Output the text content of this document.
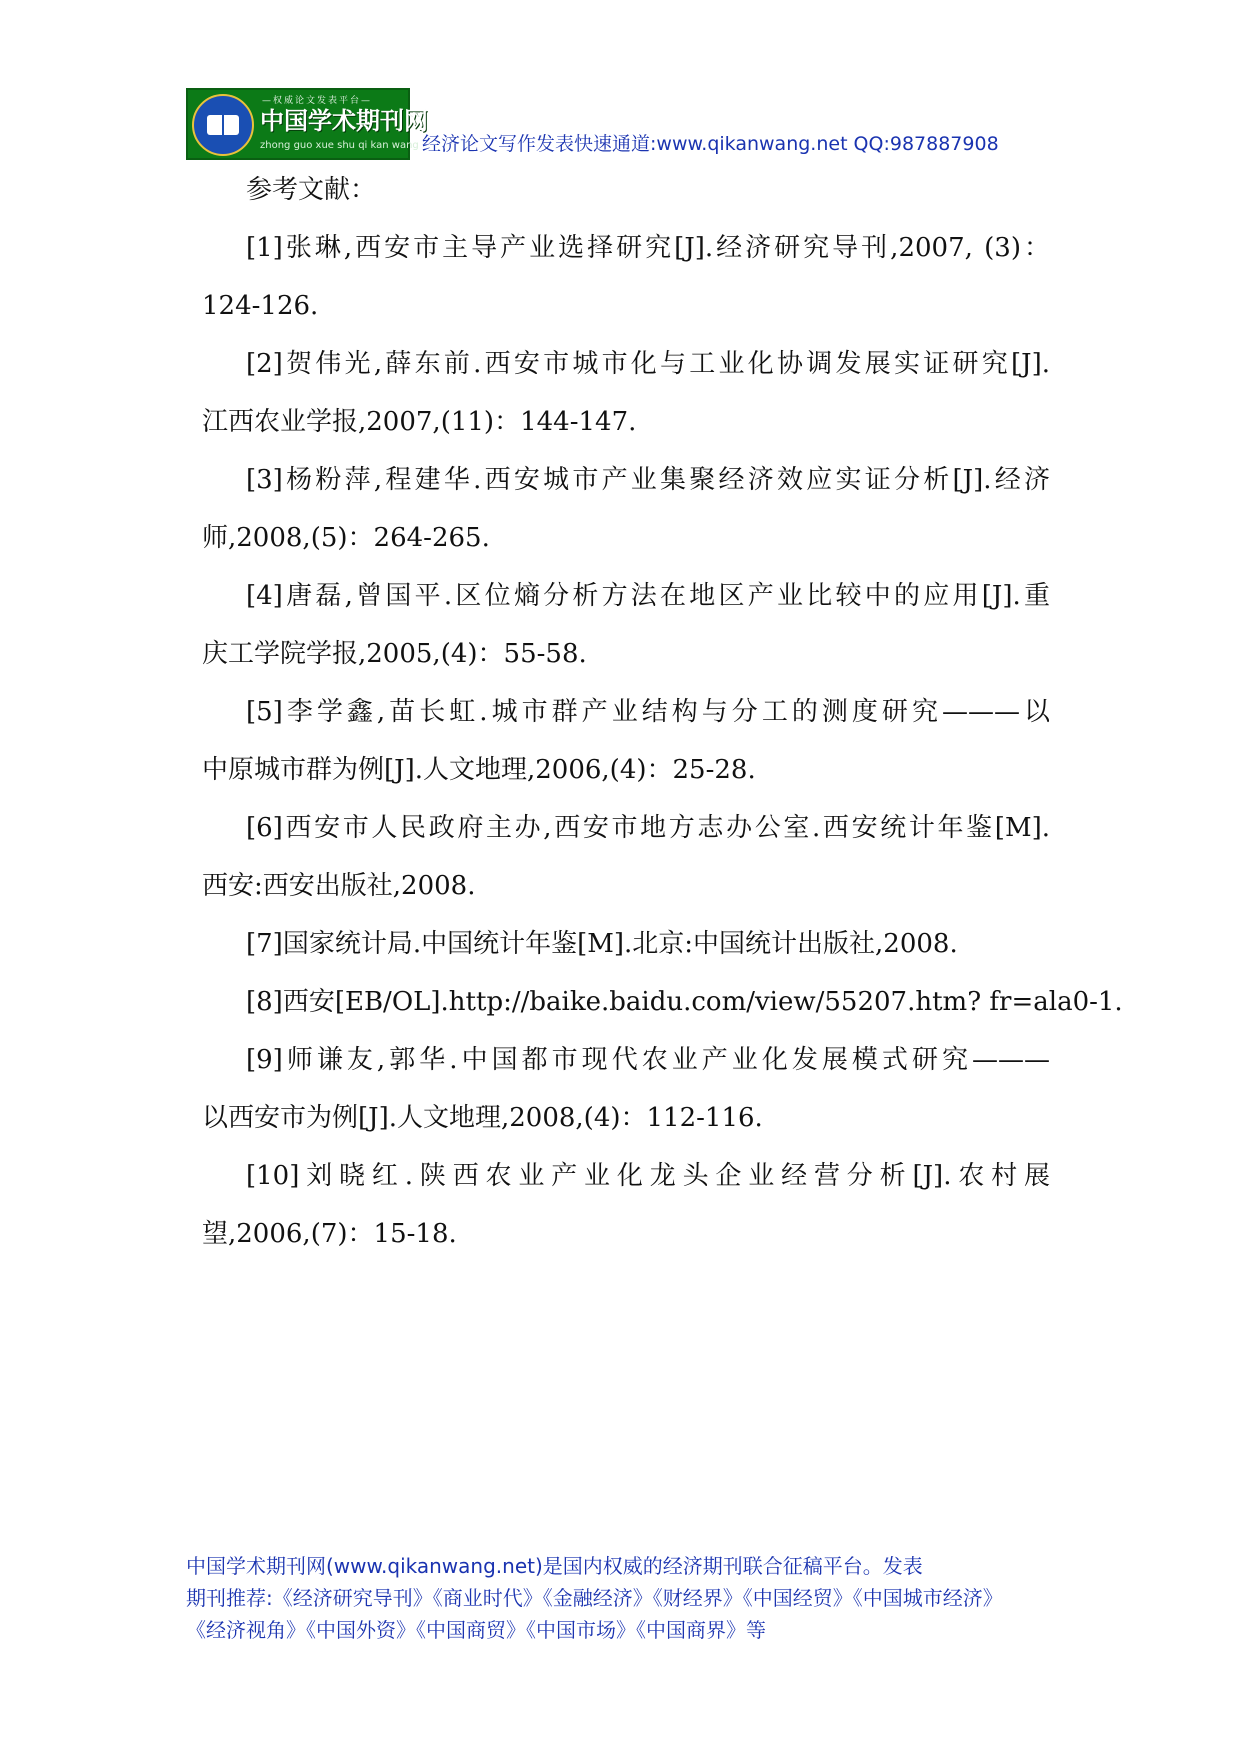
—权威论文发表平台—
中国学术期刊网
zhong guo xue shu qi kan wang 经济论文写作发表快速通道:www.qikanwang.net QQ:987887908
参考文献：
[1]张琳,西安市主导产业选择研究[J].经济研究导刊,2007, (3)：
124-126.
[2]贺伟光,薛东前.西安市城市化与工业化协调发展实证研究[J].
江西农业学报,2007,(11)：144-147.
[3]杨粉萍,程建华.西安城市产业集聚经济效应实证分析[J].经济
师,2008,(5)：264-265.
[4]唐磊,曾国平.区位熵分析方法在地区产业比较中的应用[J].重
庆工学院学报,2005,(4)：55-58.
[5]李学鑫,苗长虹.城市群产业结构与分工的测度研究———以
中原城市群为例[J].人文地理,2006,(4)：25-28.
[6]西安市人民政府主办,西安市地方志办公室.西安统计年鉴[M].
西安:西安出版社,2008.
[7]国家统计局.中国统计年鉴[M].北京:中国统计出版社,2008.
[8]西安[EB/OL].http://baike.baidu.com/view/55207.htm? fr=ala0-1.
[9]师谦友,郭华.中国都市现代农业产业化发展模式研究———
以西安市为例[J].人文地理,2008,(4)：112-116.
[10]刘晓红.陕西农业产业化龙头企业经营分析[J].农村展
望,2006,(7)：15-18.
中国学术期刊网(www.qikanwang.net)是国内权威的经济期刊联合征稿平台。发表
期刊推荐:《经济研究导刊》《商业时代》《金融经济》《财经界》《中国经贸》《中国城市经济》
《经济视角》《中国外资》《中国商贸》《中国市场》《中国商界》等
